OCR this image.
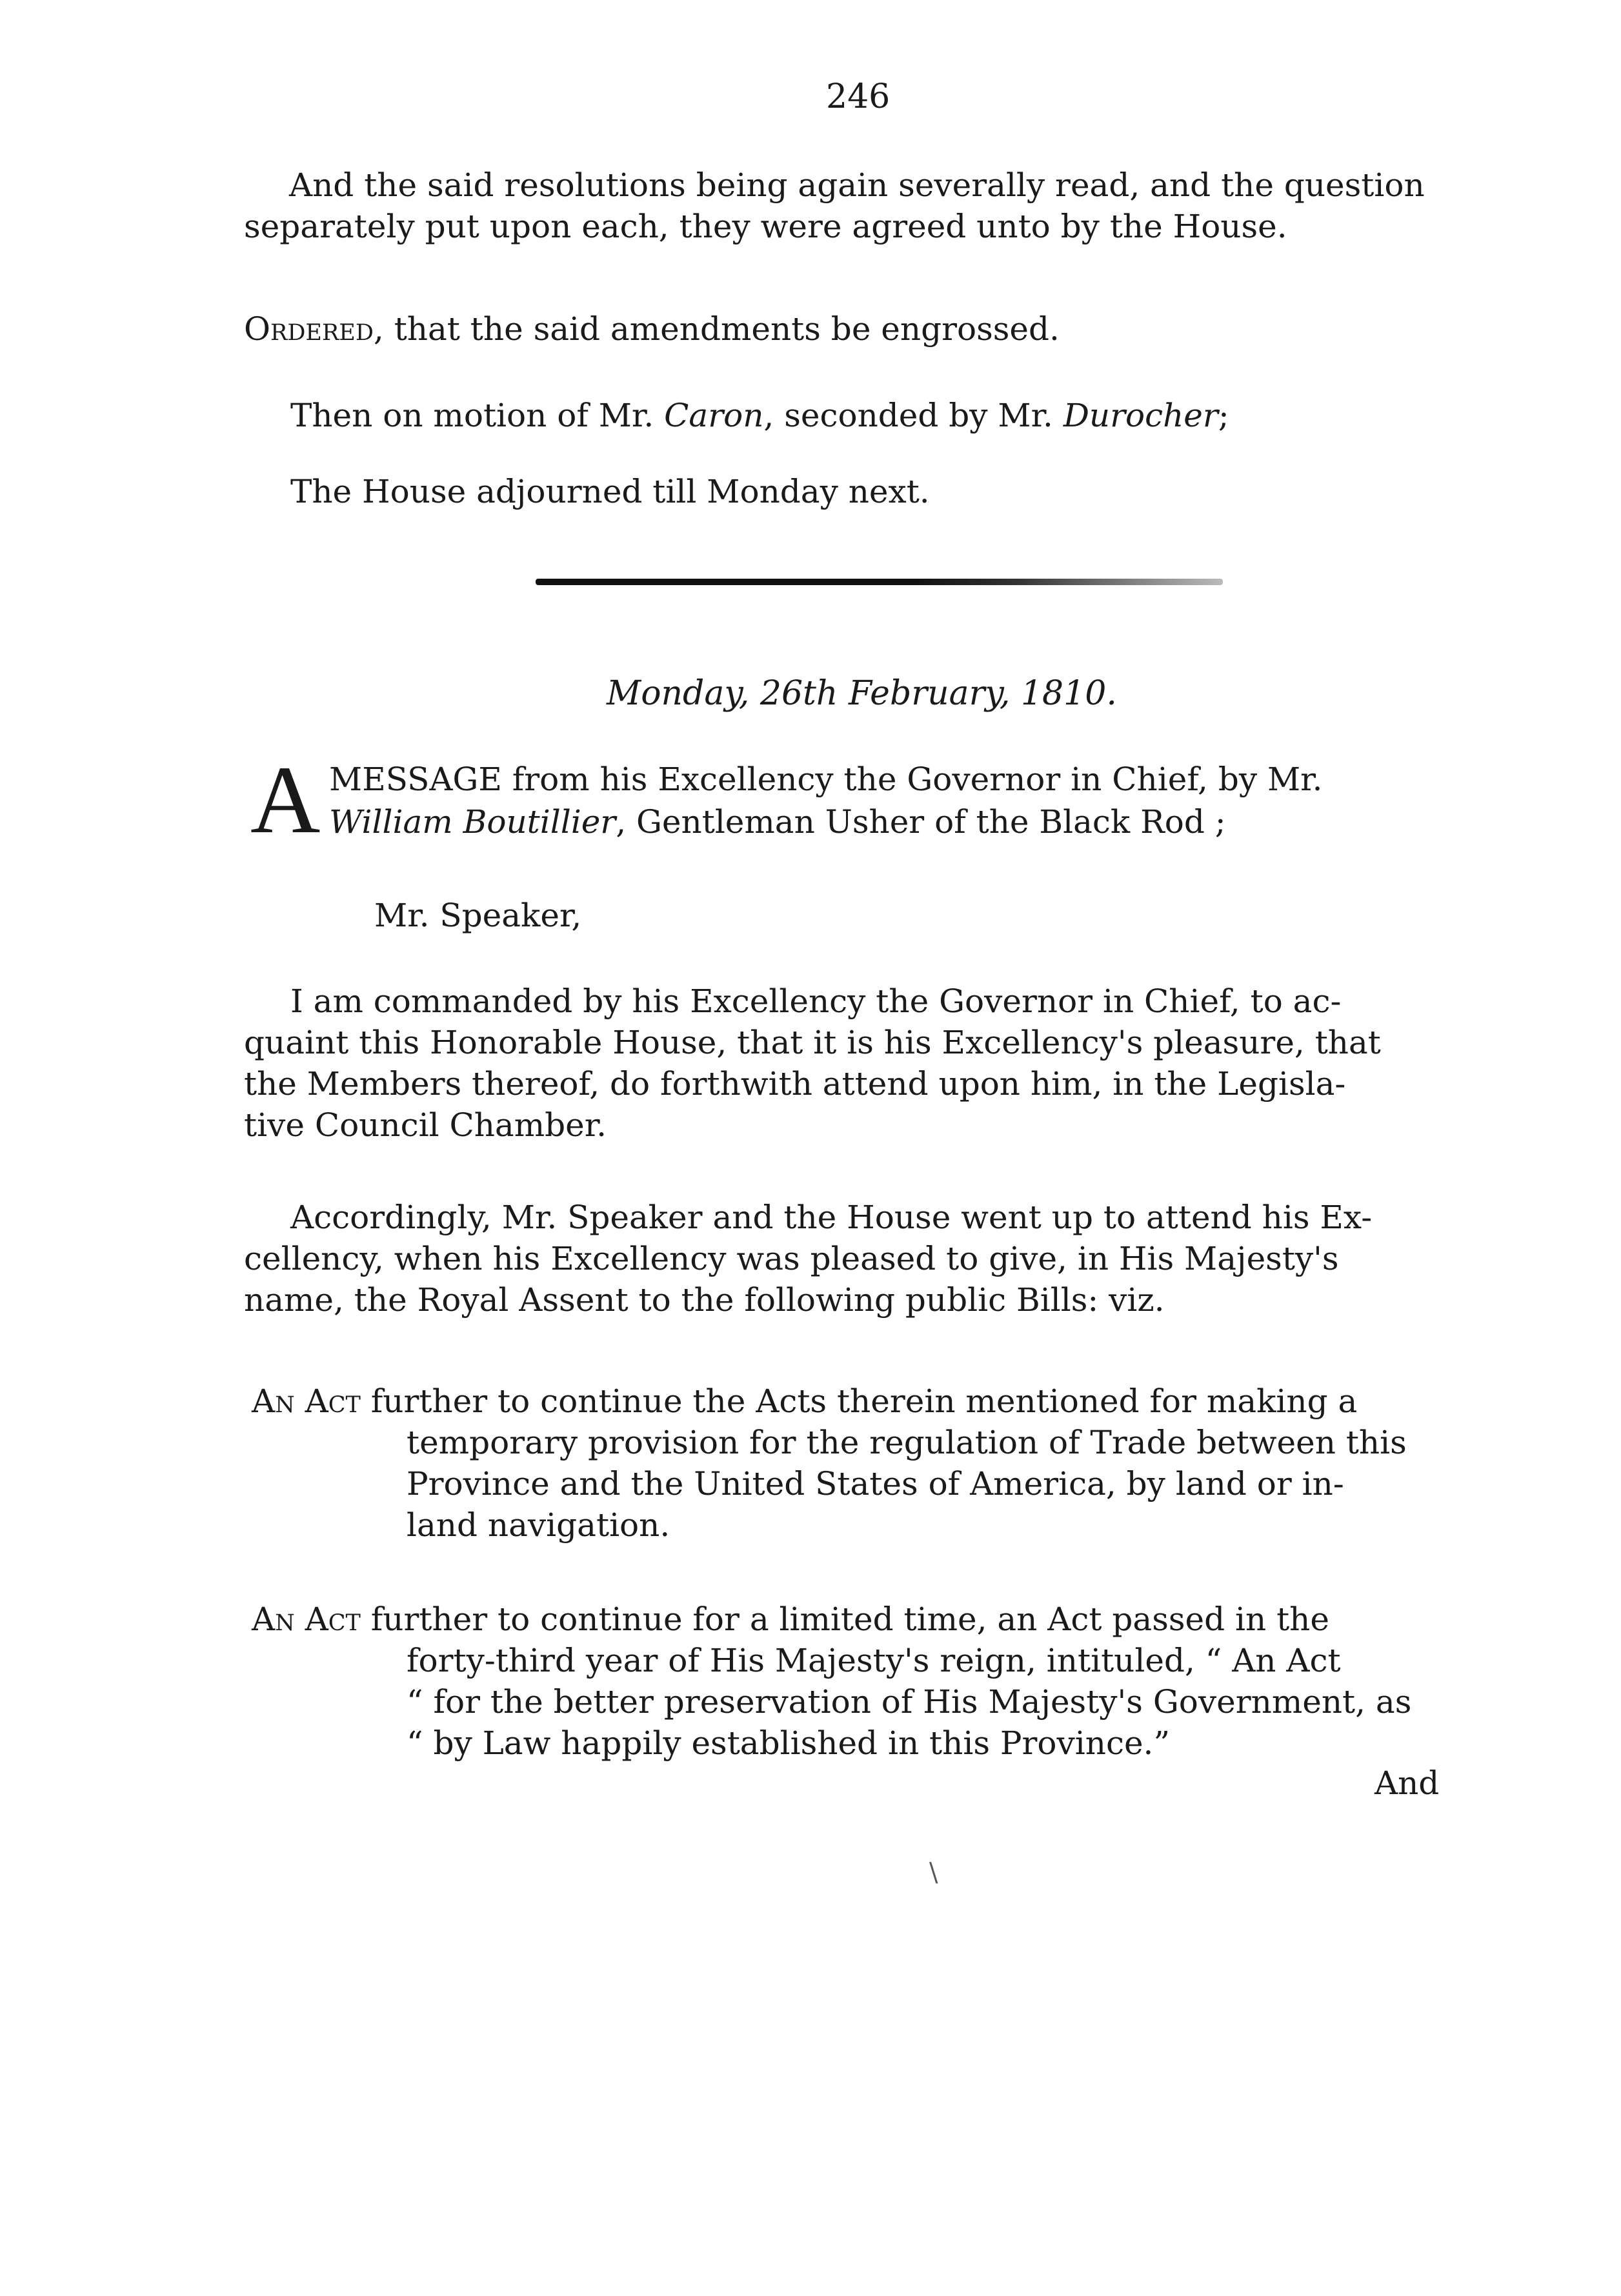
246
And the said resolutions being again severally read, and the question
separately put upon each, they were agreed unto by the House.
Ordered, that the said amendments be engrossed.
Then on motion of Mr. Caron, seconded by Mr. Durocher;
The House adjourned till Monday next.
Monday, 26th February, 1810.
A MESSAGE from his Excellency the Governor in Chief, by Mr.
William Boutillier, Gentleman Usher of the Black Rod ;
Mr. Speaker,
I am commanded by his Excellency the Governor in Chief, to ac-
quaint this Honorable House, that it is his Excellency's pleasure, that
the Members thereof, do forthwith attend upon him, in the Legisla-
tive Council Chamber.
Accordingly, Mr. Speaker and the House went up to attend his Ex-
cellency, when his Excellency was pleased to give, in His Majesty's
name, the Royal Assent to the following public Bills: viz.
An Act further to continue the Acts therein mentioned for making a
temporary provision for the regulation of Trade between this
Province and the United States of America, by land or in-
land navigation.
An Act further to continue for a limited time, an Act passed in the
forty-third year of His Majesty's reign, intituled, “ An Act
“ for the better preservation of His Majesty's Government, as
“ by Law happily established in this Province.”
And
\
